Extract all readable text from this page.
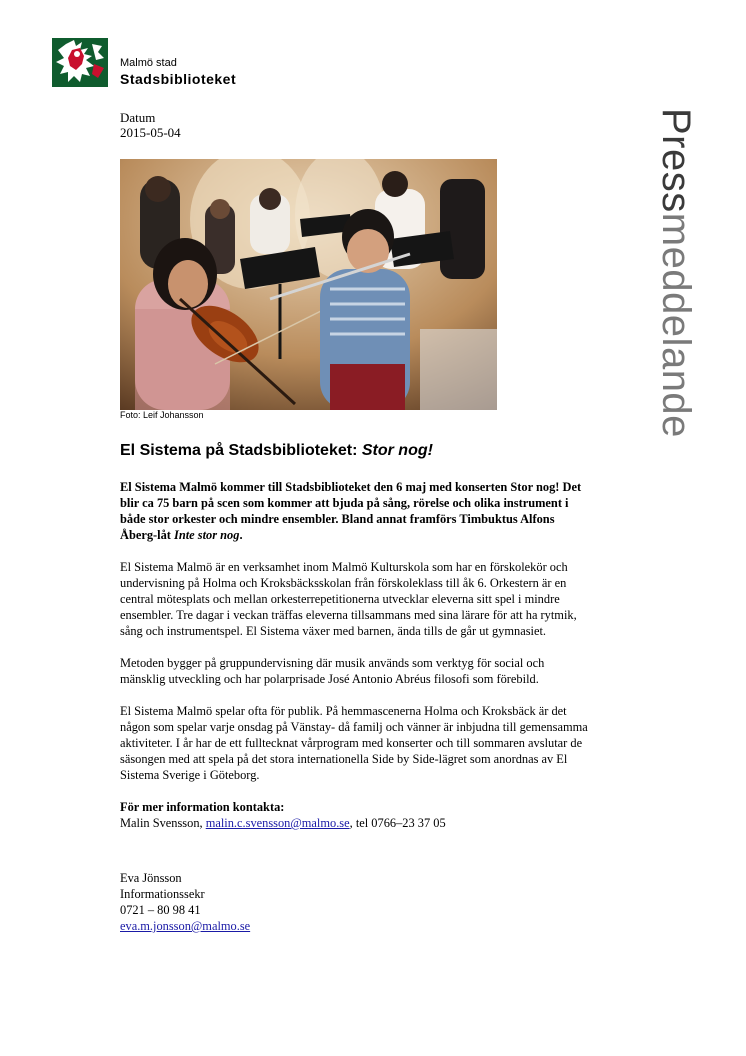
Malmö stad
Stadsbiblioteket
Datum
2015-05-04
Foto: Leif Johansson
Pressmeddelande
El Sistema på Stadsbiblioteket: Stor nog!

El Sistema Malmö kommer till Stadsbiblioteket den 6 maj med konserten Stor nog! Det blir ca 75 barn på scen som kommer att bjuda på sång, rörelse och olika instrument i både stor orkester och mindre ensembler. Bland annat framförs Timbuktus Alfons Åberg-låt Inte stor nog.

El Sistema Malmö är en verksamhet inom Malmö Kulturskola som har en förskolekör och undervisning på Holma och Kroksbäcksskolan från förskoleklass till åk 6. Orkestern är en central mötesplats och mellan orkesterrepetitionerna utvecklar eleverna sitt spel i mindre ensembler. Tre dagar i veckan träffas eleverna tillsammans med sina lärare för att ha rytmik, sång och instrumentspel. El Sistema växer med barnen, ända tills de går ut gymnasiet.

Metoden bygger på gruppundervisning där musik används som verktyg för social och mänsklig utveckling och har polarprisade José Antonio Abréus filosofi som förebild.

El Sistema Malmö spelar ofta för publik. På hemmascenerna Holma och Kroksbäck är det någon som spelar varje onsdag på Vänstay- då familj och vänner är inbjudna till gemensamma aktiviteter. I år har de ett fulltecknat vårprogram med konserter och till sommaren avslutar de säsongen med att spela på det stora internationella Side by Side-lägret som anordnas av El Sistema Sverige i Göteborg.

För mer information kontakta:
Malin Svensson, malin.c.svensson@malmo.se, tel 0766–23 37 05
Eva Jönsson
Informationssekr
0721 – 80 98 41
eva.m.jonsson@malmo.se
